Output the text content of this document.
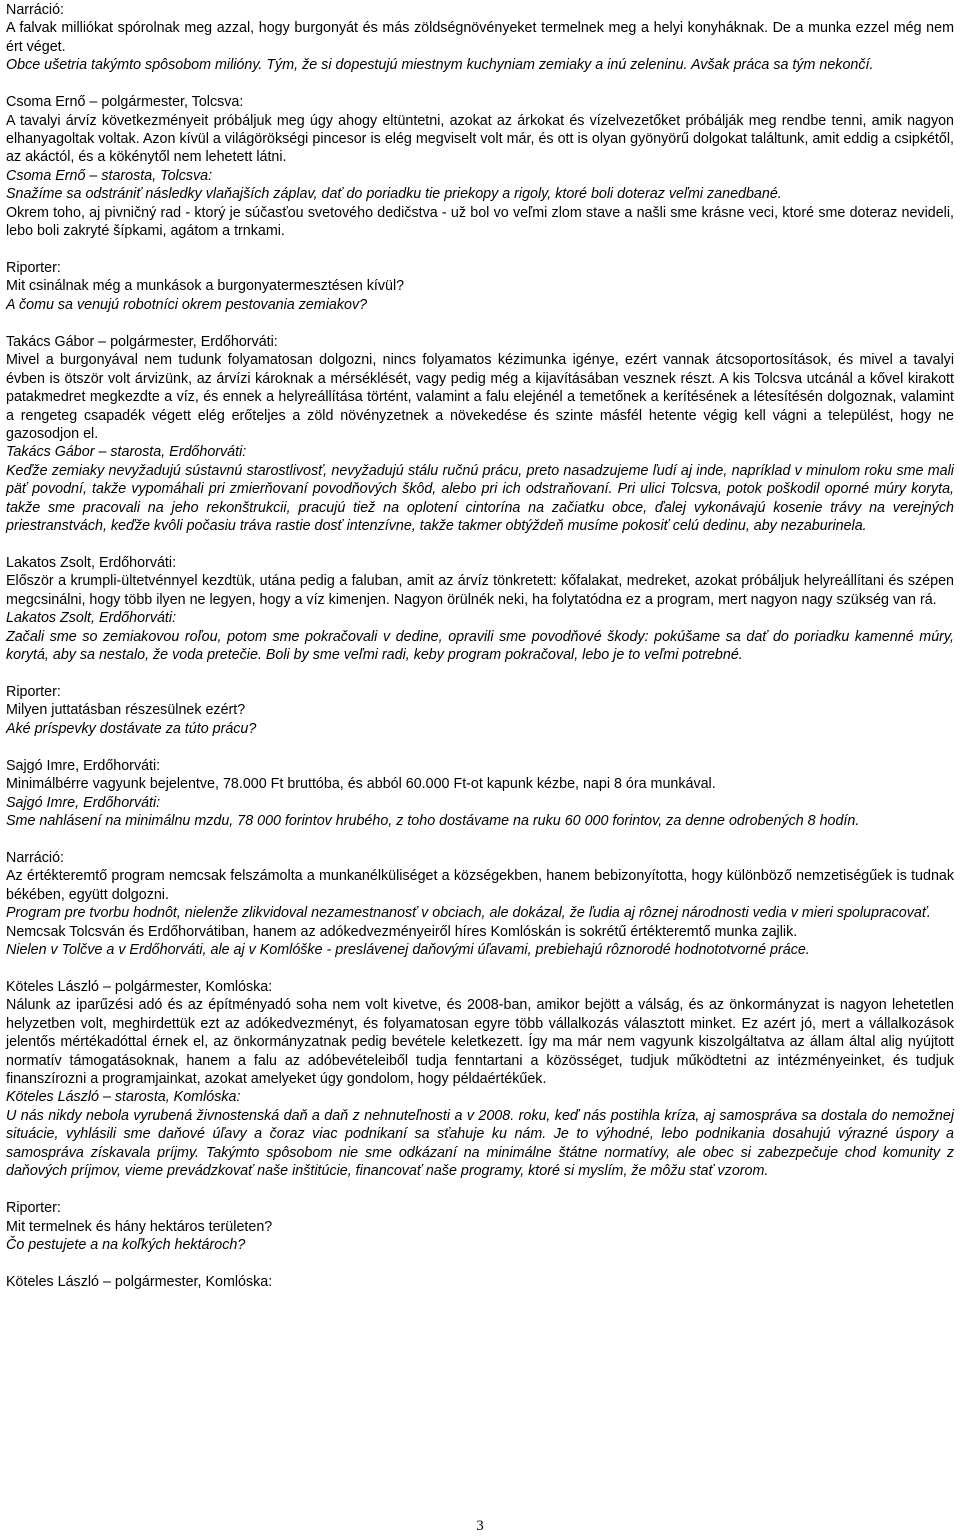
Narráció:
A falvak milliókat spórolnak meg azzal, hogy burgonyát és más zöldségnövényeket termelnek meg a helyi konyháknak. De a munka ezzel még nem ért véget.
Obce ušetria takýmto spôsobom milióny. Tým, že si dopestujú miestnym kuchyniam zemiaky a inú zeleninu. Avšak práca sa tým nekončí.
Csoma Ernő – polgármester, Tolcsva:
A tavalyi árvíz következményeit próbáljuk meg úgy ahogy eltüntetni, azokat az árkokat és vízelvezetőket próbálják meg rendbe tenni, amik nagyon elhanyagoltak voltak. Azon kívül a világörökségi pincesor is elég megviselt volt már, és ott is olyan gyönyörű dolgokat találtunk, amit eddig a csipkétől, az akáctól, és a kökénytől nem lehetett látni.
Csoma Ernő – starosta, Tolcsva:
Snažíme sa odstrániť následky vlaňajších záplav, dať do poriadku tie priekopy a rigoly, ktoré boli doteraz veľmi zanedbané.
Okrem toho, aj pivničný rad - ktorý je súčasťou svetového dedičstva - už bol vo veľmi zlom stave a našli sme krásne veci, ktoré sme doteraz nevideli, lebo boli zakryté šípkami, agátom a trnkami.
Riporter:
Mit csinálnak még a munkások a burgonyatermesztésen kívül?
A čomu sa venujú robotníci okrem pestovania zemiakov?
Takács Gábor – polgármester, Erdőhorváti:
Mivel a burgonyával nem tudunk folyamatosan dolgozni, nincs folyamatos kézimunka igénye, ezért vannak átcsoportosítások, és mivel a tavalyi évben is ötször volt árvizünk, az árvízi károknak a mérséklését, vagy pedig még a kijavításában vesznek részt. A kis Tolcsva utcánál a kővel kirakott patakmedret megkezdte a víz, és ennek a helyreállítása történt, valamint a falu elejénél a temetőnek a kerítésének a létesítésén dolgoznak, valamint a rengeteg csapadék végett elég erőteljes a zöld növényzetnek a növekedése és szinte másfél hetente végig kell vágni a települést, hogy ne gazosodjon el.
Takács Gábor – starosta, Erdőhorváti:
Keďže zemiaky nevyžadujú sústavnú starostlivosť, nevyžadujú stálu ručnú prácu, preto nasadzujeme ľudí aj inde, napríklad v minulom roku sme mali päť povodní, takže vypomáhali pri zmierňovaní povodňových škôd, alebo pri ich odstraňovaní. Pri ulici Tolcsva, potok poškodil oporné múry koryta, takže sme pracovali na jeho rekonštrukcii, pracujú tiež na oplotení cintorína na začiatku obce, ďalej vykonávajú kosenie trávy na verejných priestranstvách, keďže kvôli počasiu tráva rastie dosť intenzívne, takže takmer obtýždeň musíme pokosiť celú dedinu, aby nezaburinela.
Lakatos Zsolt, Erdőhorváti:
Először a krumpli-ültetvénnyel kezdtük, utána pedig a faluban, amit az árvíz tönkretett: kőfalakat, medreket, azokat próbáljuk helyreállítani és szépen megcsinálni, hogy több ilyen ne legyen, hogy a víz kimenjen. Nagyon örülnék neki, ha folytatódna ez a program, mert nagyon nagy szükség van rá.
Lakatos Zsolt, Erdőhorváti:
Začali sme so zemiakovou roľou, potom sme pokračovali v dedine, opravili sme povodňové škody: pokúšame sa dať do poriadku kamenné múry, korytá, aby sa nestalo, že voda pretečie. Boli by sme veľmi radi, keby program pokračoval, lebo je to veľmi potrebné.
Riporter:
Milyen juttatásban részesülnek ezért?
Aké príspevky dostávate za túto prácu?
Sajgó Imre, Erdőhorváti:
Minimálbérre vagyunk bejelentve, 78.000 Ft bruttóba, és abból 60.000 Ft-ot kapunk kézbe, napi 8 óra munkával.
Sajgó Imre, Erdőhorváti:
Sme nahlásení na minimálnu mzdu, 78 000 forintov hrubého, z toho dostávame na ruku 60 000 forintov, za denne odrobených 8 hodín.
Narráció:
Az értékteremtő program nemcsak felszámolta a munkanélküliséget a községekben, hanem bebizonyította, hogy különböző nemzetiségűek is tudnak békében, együtt dolgozni.
Program pre tvorbu hodnôt, nielenže zlikvidoval nezamestnanosť v obciach, ale dokázal, že ľudia aj rôznej národnosti vedia v mieri spolupracovať.
Nemcsak Tolcsván és Erdőhorvátiban, hanem az adókedvezményeiről híres Komlóskán is sokrétű értékteremtő munka zajlik.
Nielen v Tolčve a v Erdőhorváti, ale aj v Komlóške - preslávenej daňovými úľavami, prebiehajú rôznorodé hodnototvorné práce.
Köteles László – polgármester, Komlóska:
Nálunk az iparűzési adó és az építményadó soha nem volt kivetve, és 2008-ban, amikor bejött a válság, és az önkormányzat is nagyon lehetetlen helyzetben volt, meghirdettük ezt az adókedvezményt, és folyamatosan egyre több vállalkozás választott minket. Ez azért jó, mert a vállalkozások jelentős mértékadóttal érnek el, az önkormányzatnak pedig bevétele keletkezett. Így ma már nem vagyunk kiszolgáltatva az állam által alig nyújtott normatív támogatásoknak, hanem a falu az adóbevételeiből tudja fenntartani a közösséget, tudjuk működtetni az intézményeinket, és tudjuk finanszírozni a programjainkat, azokat amelyeket úgy gondolom, hogy példaértékűek.
Köteles László – starosta, Komlóska:
U nás nikdy nebola vyrubená živnostenská daň a daň z nehnuteľnosti a v 2008. roku, keď nás postihla kríza, aj samospráva sa dostala do nemožnej situácie, vyhlásili sme daňové úľavy a čoraz viac podnikaní sa sťahuje ku nám. Je to výhodné, lebo podnikania dosahujú výrazné úspory a samospráva získavala príjmy. Takýmto spôsobom nie sme odkázaní na minimálne štátne normatívy, ale obec si zabezpečuje chod komunity z daňových príjmov, vieme prevádzkovať naše inštitúcie, financovať naše programy, ktoré si myslím, že môžu stať vzorom.
Riporter:
Mit termelnek és hány hektáros területen?
Čo pestujete a na koľkých hektároch?
Köteles László – polgármester, Komlóska:
3
